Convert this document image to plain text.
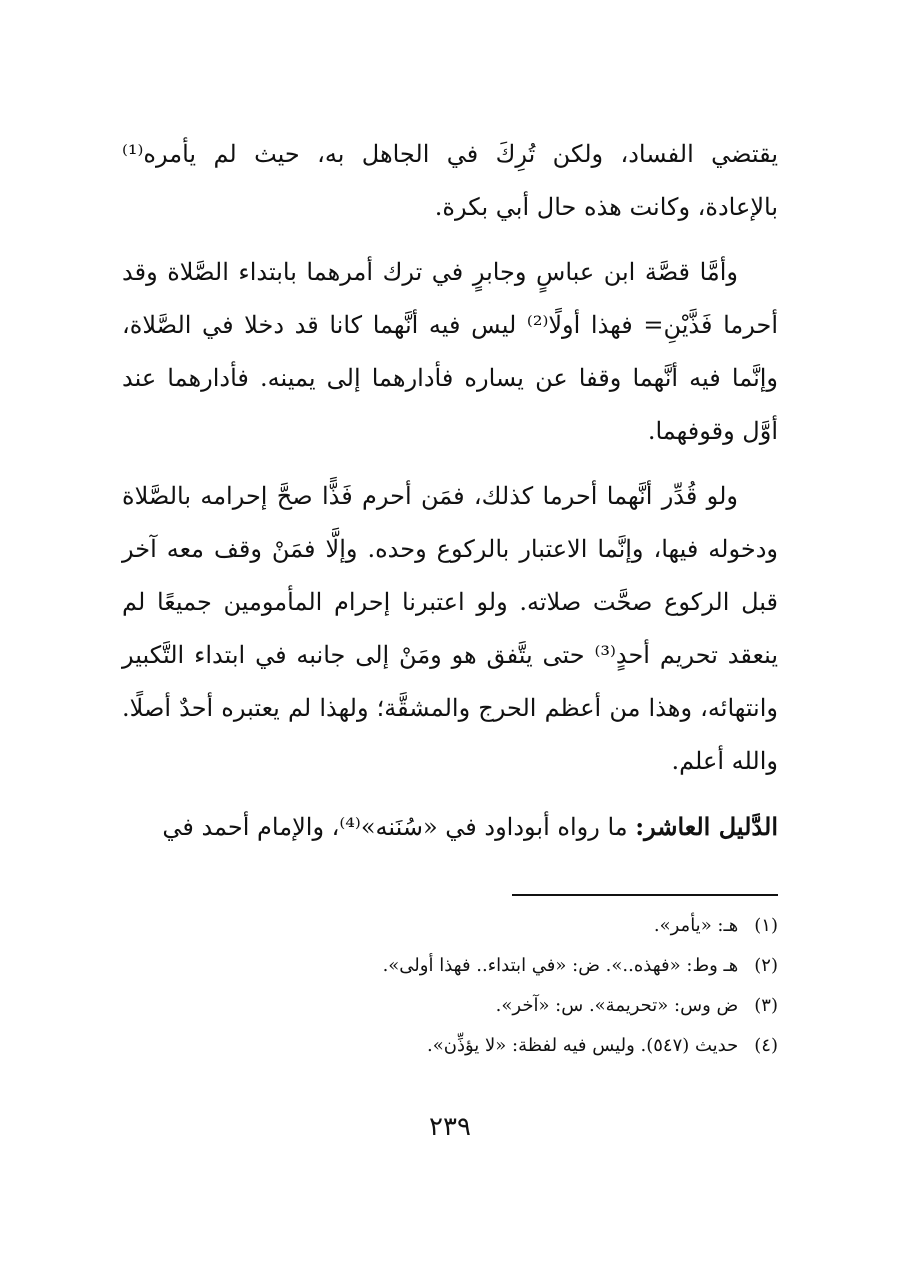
يقتضي الفساد، ولكن تُرِكَ في الجاهل به، حيث لم يأمره⁽¹⁾ بالإعادة، وكانت هذه حال أبي بكرة.

وأمَّا قصَّة ابن عباسٍ وجابرٍ في ترك أمرهما بابتداء الصَّلاة وقد أحرما فَذَّيْنِ= فهذا أولًا⁽²⁾ ليس فيه أنَّهما كانا قد دخلا في الصَّلاة، وإنَّما فيه أنَّهما وقفا عن يساره فأدارهما إلى يمينه. فأدارهما عند أوَّل وقوفهما.

ولو قُدِّر أنَّهما أحرما كذلك، فمَن أحرم فَذًّا صحَّ إحرامه بالصَّلاة ودخوله فيها، وإنَّما الاعتبار بالركوع وحده. وإلَّا فمَنْ وقف معه آخر قبل الركوع صحَّت صلاته. ولو اعتبرنا إحرام المأمومين جميعًا لم ينعقد تحريم أحدٍ⁽³⁾ حتى يتَّفق هو ومَنْ إلى جانبه في ابتداء التَّكبير وانتهائه، وهذا من أعظم الحرج والمشقَّة؛ ولهذا لم يعتبره أحدٌ أصلًا. والله أعلم.

الدَّليل العاشر: ما رواه أبوداود في «سُنَنه»⁽⁴⁾، والإمام أحمد في

(١) هـ: «يأمر».

(٢) هـ وط: «فهذه..». ض: «في ابتداء.. فهذا أولى».

(٣) ض وس: «تحريمة». س: «آخر».

(٤) حديث (٥٤٧). وليس فيه لفظة: «لا يؤذِّن».

٢٣٩
